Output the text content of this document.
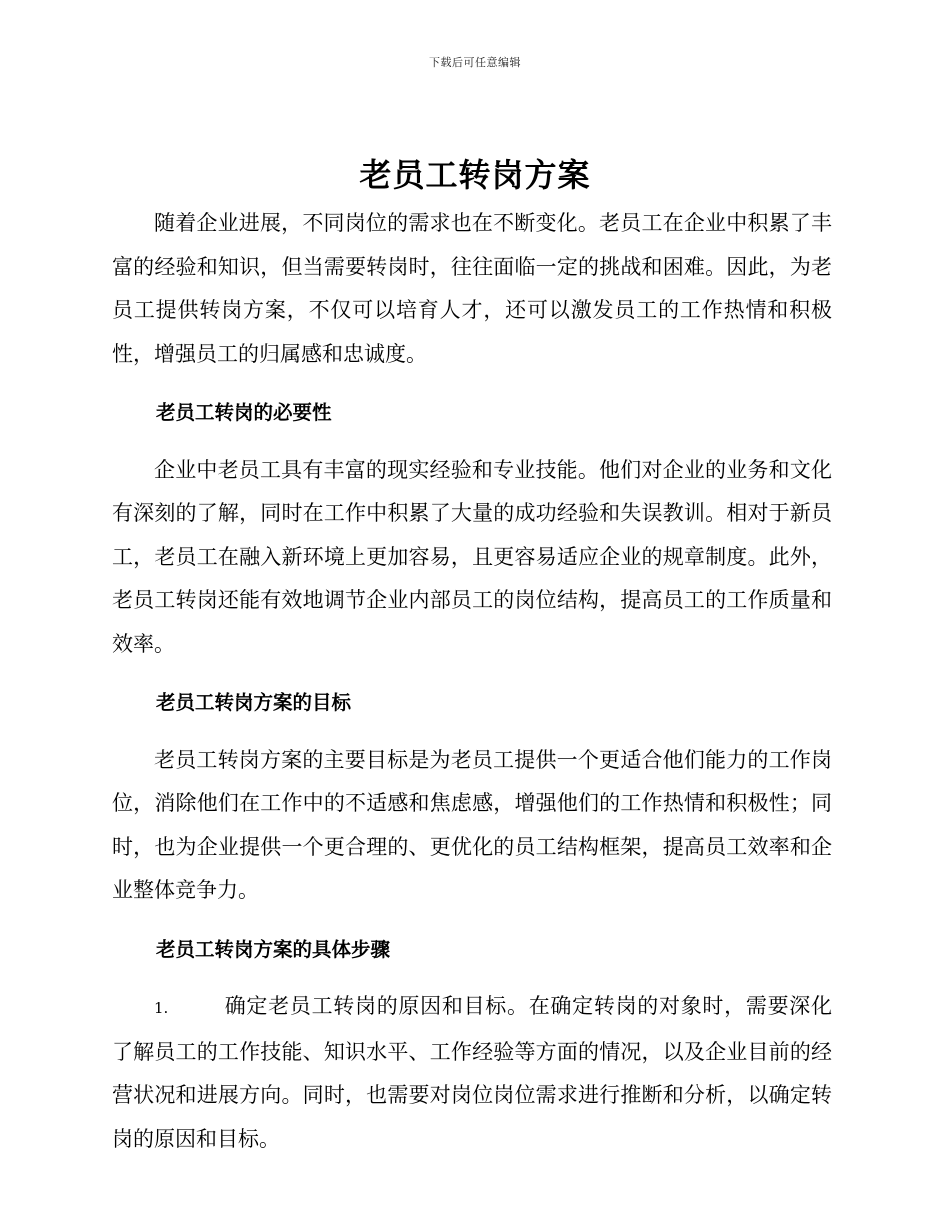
下载后可任意编辑
老员工转岗方案

随着企业进展，不同岗位的需求也在不断变化。老员工在企业中积累了丰富的经验和知识，但当需要转岗时，往往面临一定的挑战和困难。因此，为老员工提供转岗方案，不仅可以培育人才，还可以激发员工的工作热情和积极性，增强员工的归属感和忠诚度。

老员工转岗的必要性

企业中老员工具有丰富的现实经验和专业技能。他们对企业的业务和文化有深刻的了解，同时在工作中积累了大量的成功经验和失误教训。相对于新员工，老员工在融入新环境上更加容易，且更容易适应企业的规章制度。此外，老员工转岗还能有效地调节企业内部员工的岗位结构，提高员工的工作质量和效率。

老员工转岗方案的目标

老员工转岗方案的主要目标是为老员工提供一个更适合他们能力的工作岗位，消除他们在工作中的不适感和焦虑感，增强他们的工作热情和积极性；同时，也为企业提供一个更合理的、更优化的员工结构框架，提高员工效率和企业整体竞争力。

老员工转岗方案的具体步骤

1.	确定老员工转岗的原因和目标。在确定转岗的对象时，需要深化了解员工的工作技能、知识水平、工作经验等方面的情况，以及企业目前的经营状况和进展方向。同时，也需要对岗位岗位需求进行推断和分析，以确定转岗的原因和目标。
